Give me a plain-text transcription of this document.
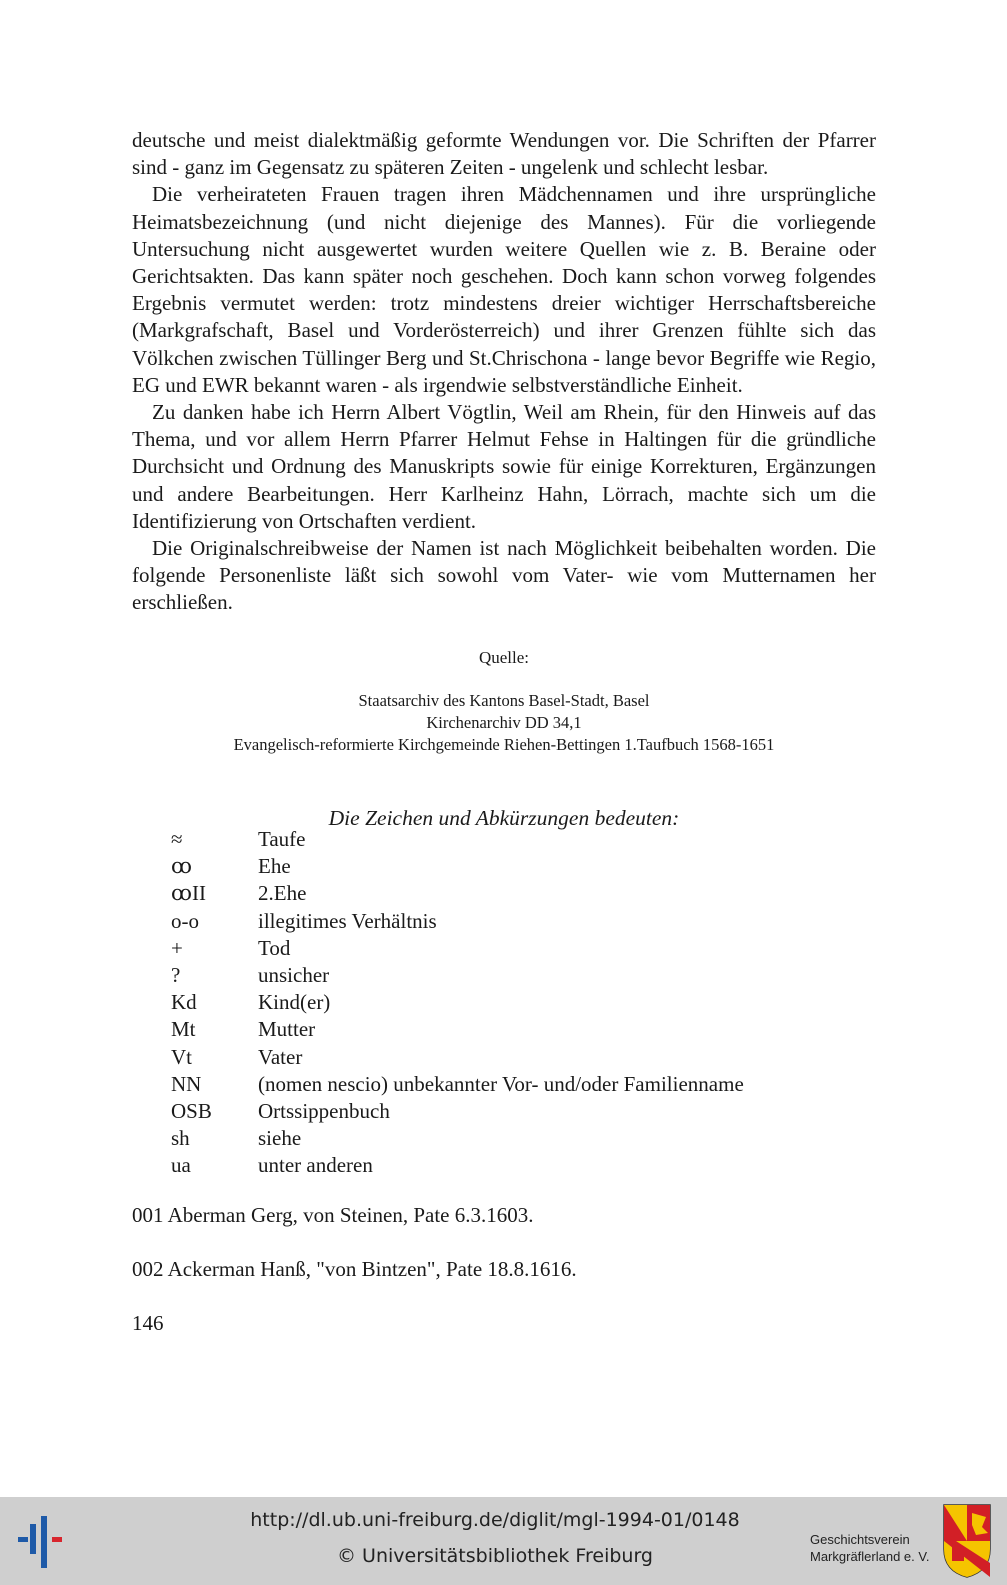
deutsche und meist dialektmäßig geformte Wendungen vor. Die Schriften der Pfarrer sind - ganz im Gegensatz zu späteren Zeiten - ungelenk und schlecht lesbar.

Die verheirateten Frauen tragen ihren Mädchennamen und ihre ursprüngliche Heimatsbezeichnung (und nicht diejenige des Mannes). Für die vorliegende Untersuchung nicht ausgewertet wurden weitere Quellen wie z. B. Beraine oder Gerichtsakten. Das kann später noch geschehen. Doch kann schon vorweg folgendes Ergebnis vermutet werden: trotz mindestens dreier wichtiger Herrschaftsbereiche (Markgrafschaft, Basel und Vorderösterreich) und ihrer Grenzen fühlte sich das Völkchen zwischen Tüllinger Berg und St.Chrischona - lange bevor Begriffe wie Regio, EG und EWR bekannt waren - als irgendwie selbstverständliche Einheit.

Zu danken habe ich Herrn Albert Vögtlin, Weil am Rhein, für den Hinweis auf das Thema, und vor allem Herrn Pfarrer Helmut Fehse in Haltingen für die gründliche Durchsicht und Ordnung des Manuskripts sowie für einige Korrekturen, Ergänzungen und andere Bearbeitungen. Herr Karlheinz Hahn, Lörrach, machte sich um die Identifizierung von Ortschaften verdient.

Die Originalschreibweise der Namen ist nach Möglichkeit beibehalten worden. Die folgende Personenliste läßt sich sowohl vom Vater- wie vom Mutternamen her erschließen.

Quelle:
Staatsarchiv des Kantons Basel-Stadt, Basel
Kirchenarchiv DD 34,1
Evangelisch-reformierte Kirchgemeinde Riehen-Bettingen 1.Taufbuch 1568-1651
Die Zeichen und Abkürzungen bedeuten:
≈	Taufe
ꝏ	Ehe
ꝏII	2.Ehe
o-o	illegitimes Verhältnis
+	Tod
?	unsicher
Kd	Kind(er)
Mt	Mutter
Vt	Vater
NN	(nomen nescio) unbekannter Vor- und/oder Familienname
OSB	Ortssippenbuch
sh	siehe
ua	unter anderen
001 Aberman Gerg, von Steinen, Pate 6.3.1603.
002 Ackerman Hanß, "von Bintzen", Pate 18.8.1616.
146
http://dl.ub.uni-freiburg.de/diglit/mgl-1994-01/0148
© Universitätsbibliothek Freiburg
Geschichtsverein
Markgräflerland e. V.
